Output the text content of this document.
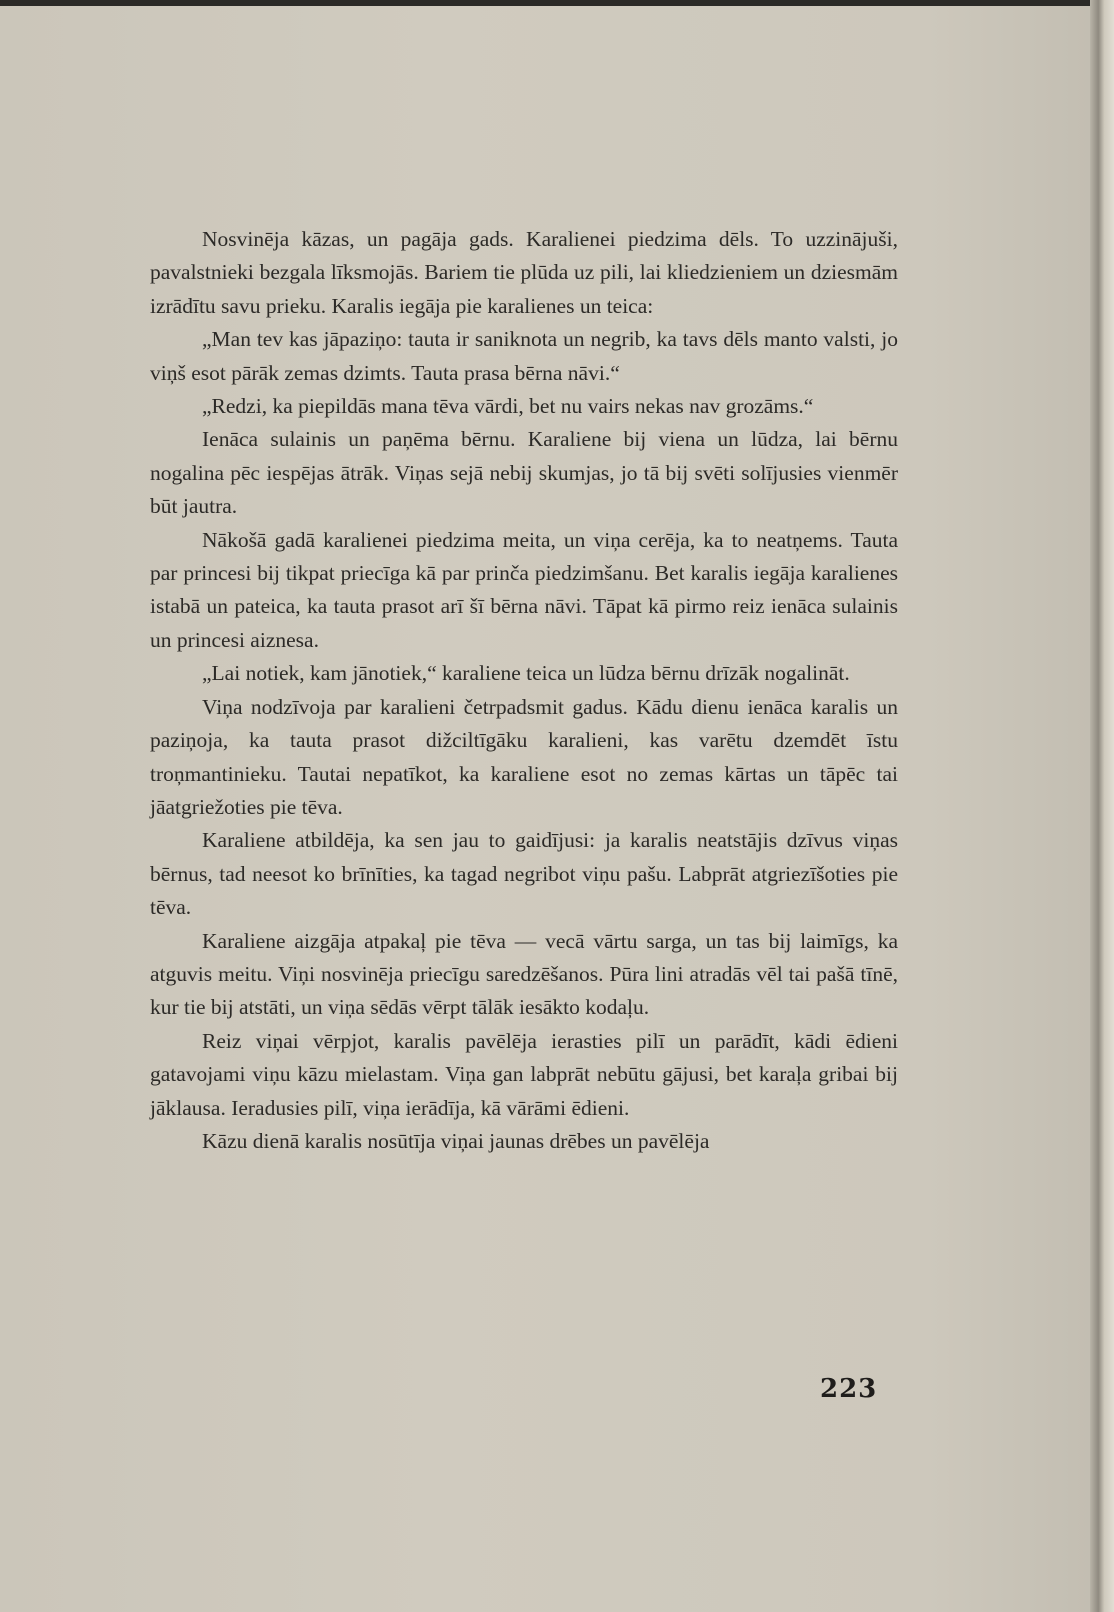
Nosvinēja kāzas, un pagāja gads. Karalienei piedzima dēls. To uzzinājuši, pavalstnieki bezgala līksmojās. Bariem tie plūda uz pili, lai kliedzieniem un dziesmām izrādītu savu prieku. Karalis iegāja pie karalienes un teica:

„Man tev kas jāpaziņo: tauta ir saniknota un negrib, ka tavs dēls manto valsti, jo viņš esot pārāk zemas dzimts. Tauta prasa bērna nāvi.“

„Redzi, ka piepildās mana tēva vārdi, bet nu vairs nekas nav grozāms.“

Ienāca sulainis un paņēma bērnu. Karaliene bij viena un lūdza, lai bērnu nogalina pēc iespējas ātrāk. Viņas sejā nebij skumjas, jo tā bij svēti solījusies vienmēr būt jautra.

Nākošā gadā karalienei piedzima meita, un viņa cerēja, ka to neatņems. Tauta par princesi bij tikpat priecīga kā par prinča piedzimšanu. Bet karalis iegāja karalienes istabā un pateica, ka tauta prasot arī šī bērna nāvi. Tāpat kā pirmo reiz ienāca sulainis un princesi aiznesa.

„Lai notiek, kam jānotiek,“ karaliene teica un lūdza bērnu drīzāk nogalināt.

Viņa nodzīvoja par karalieni četrpadsmit gadus. Kādu dienu ienāca karalis un paziņoja, ka tauta prasot dižciltīgāku karalieni, kas varētu dzemdēt īstu troņmantinieku. Tautai nepatīkot, ka karaliene esot no zemas kārtas un tāpēc tai jāatgriežoties pie tēva.

Karaliene atbildēja, ka sen jau to gaidījusi: ja karalis neatstājis dzīvus viņas bērnus, tad neesot ko brīnīties, ka tagad negribot viņu pašu. Labprāt atgriezīšoties pie tēva.

Karaliene aizgāja atpakaļ pie tēva — vecā vārtu sarga, un tas bij laimīgs, ka atguvis meitu. Viņi nosvinēja priecīgu saredzēšanos. Pūra lini atradās vēl tai pašā tīnē, kur tie bij atstāti, un viņa sēdās vērpt tālāk iesākto kodaļu.

Reiz viņai vērpjot, karalis pavēlēja ierasties pilī un parādīt, kādi ēdieni gatavojami viņu kāzu mielastam. Viņa gan labprāt nebūtu gājusi, bet karaļa gribai bij jāklausa. Ieradusies pilī, viņa ierādīja, kā vārāmi ēdieni.

Kāzu dienā karalis nosūtīja viņai jaunas drēbes un pavēlēja

223
